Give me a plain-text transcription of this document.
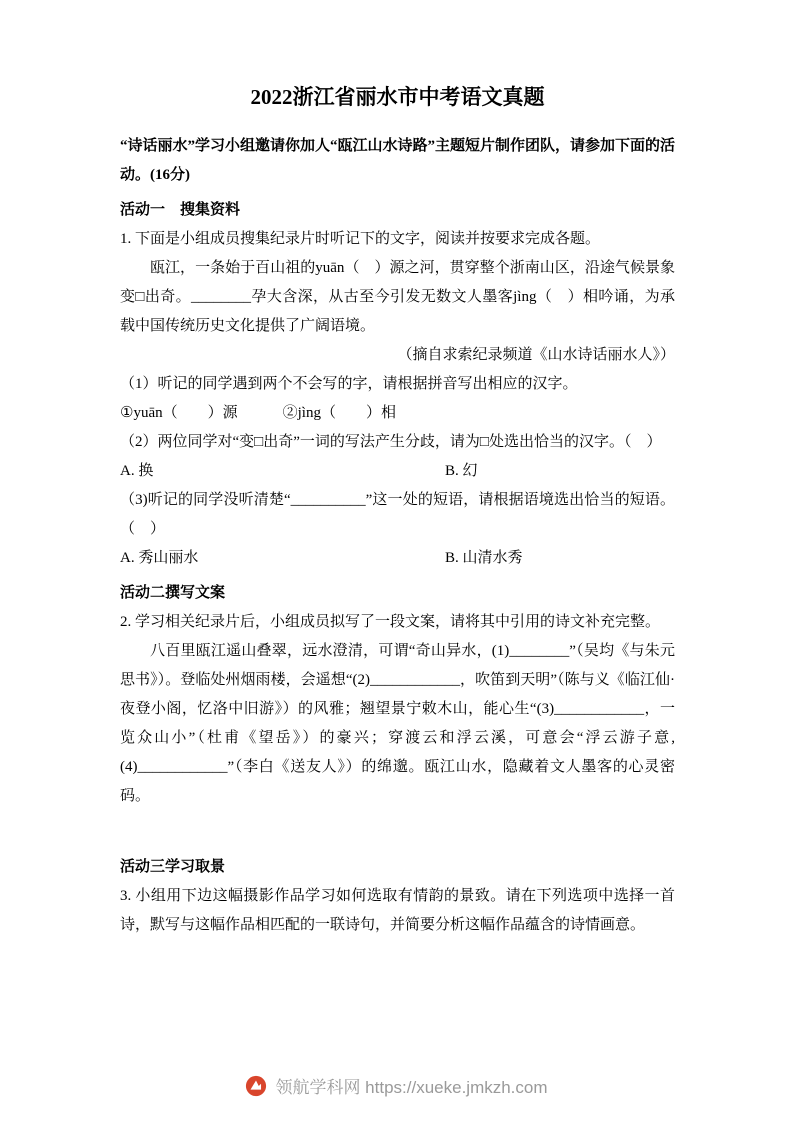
2022浙江省丽水市中考语文真题

“诗话丽水”学习小组邀请你加人“瓯江山水诗路”主题短片制作团队，请参加下面的活动。(16分)

活动一　搜集资料

1. 下面是小组成员搜集纪录片时听记下的文字，阅读并按要求完成各题。

瓯江，一条始于百山祖的yuān（　）源之河，贯穿整个浙南山区，沿途气候景象变□出奇。________孕大含深，从古至今引发无数文人墨客jìng（　）相吟诵，为承载中国传统历史文化提供了广阔语境。

（摘自求索纪录频道《山水诗话丽水人》）

（1）听记的同学遇到两个不会写的字，请根据拼音写出相应的汉字。

①yuān（　　）源　　　②jìng（　　）相

（2）两位同学对“变□出奇”一词的写法产生分歧，请为□处选出恰当的汉字。（　）

A. 换	B. 幻

（3)听记的同学没听清楚“__________”这一处的短语，请根据语境选出恰当的短语。（　）

A. 秀山丽水	B. 山清水秀
活动二撰写文案

2. 学习相关纪录片后，小组成员拟写了一段文案，请将其中引用的诗文补充完整。

八百里瓯江遥山叠翠，远水澄清，可谓“奇山异水，(1)________”（吴均《与朱元思书》）。登临处州烟雨楼，会遥想“(2)____________，吹笛到天明”（陈与义《临江仙·夜登小阁，忆洛中旧游》）的风雅；翘望景宁敕木山，能心生“(3)____________，一览众山小”（杜甫《望岳》）的豪兴；穿渡云和浮云溪，可意会“浮云游子意,(4)____________”（李白《送友人》）的绵邈。瓯江山水，隐藏着文人墨客的心灵密码。

活动三学习取景

3. 小组用下边这幅摄影作品学习如何选取有情韵的景致。请在下列选项中选择一首诗，默写与这幅作品相匹配的一联诗句，并简要分析这幅作品蕴含的诗情画意。

领航学科网 https://xueke.jmkzh.com
